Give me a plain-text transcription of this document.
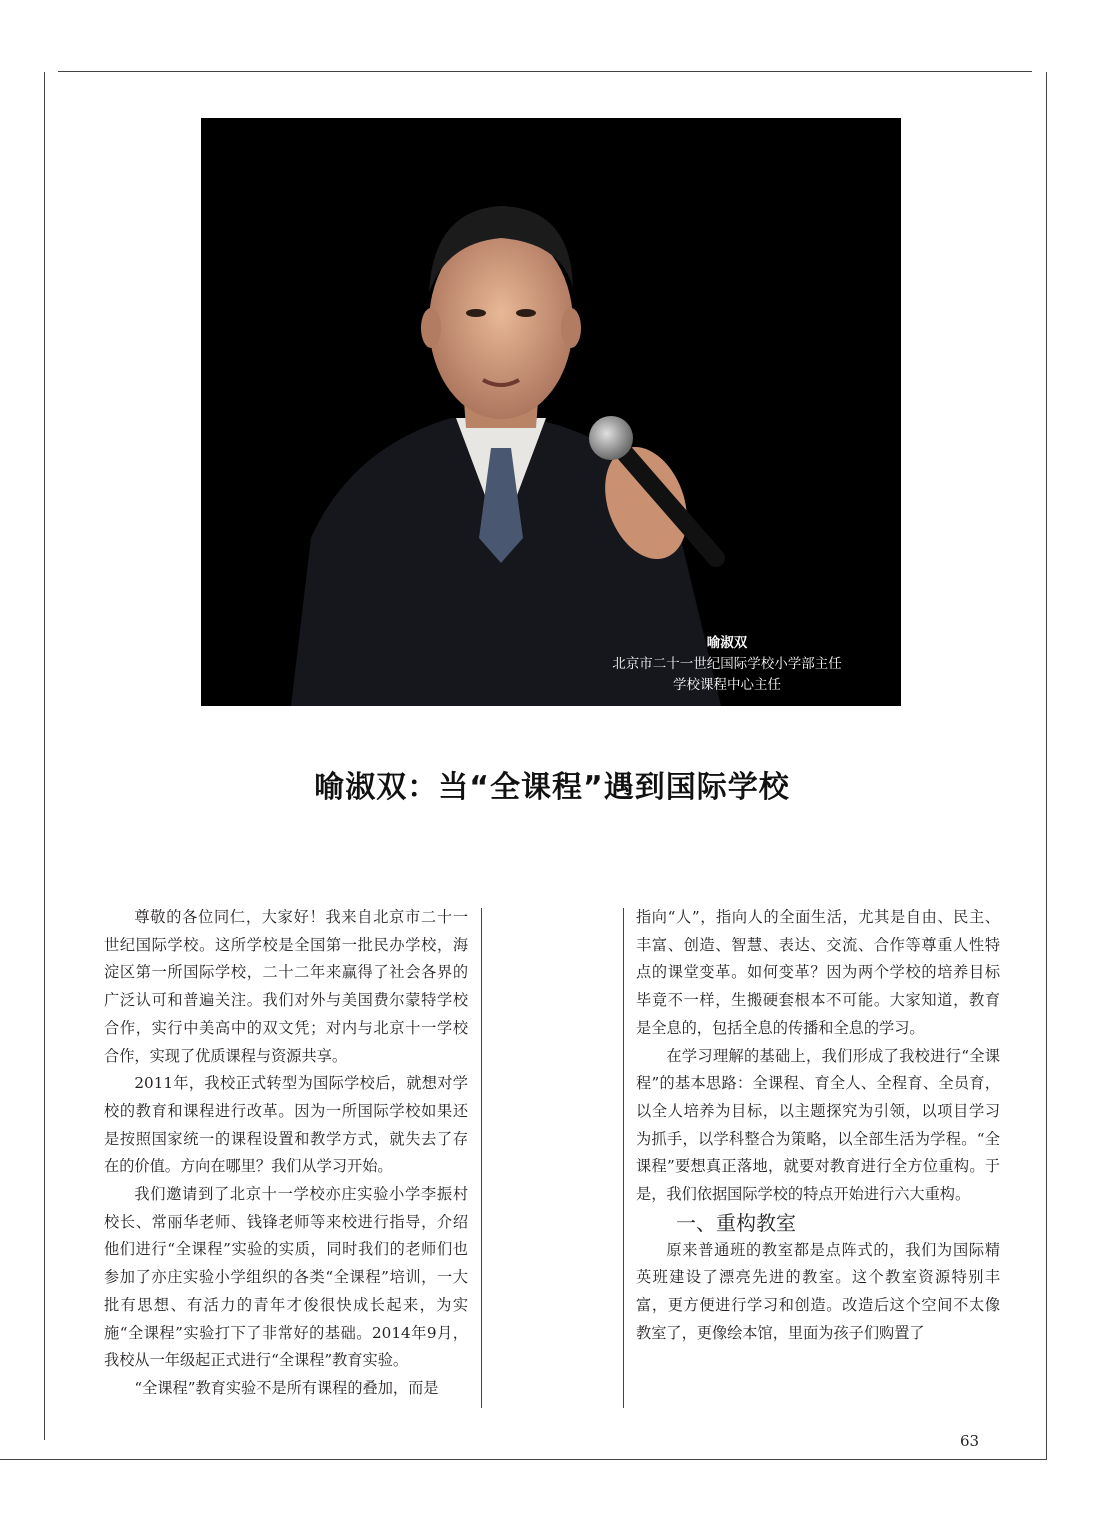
喻淑双
北京市二十一世纪国际学校小学部主任
学校课程中心主任
喻淑双：当“全课程”遇到国际学校

尊敬的各位同仁，大家好！我来自北京市二十一世纪国际学校。这所学校是全国第一批民办学校，海淀区第一所国际学校，二十二年来赢得了社会各界的广泛认可和普遍关注。我们对外与美国费尔蒙特学校合作，实行中美高中的双文凭；对内与北京十一学校合作，实现了优质课程与资源共享。

2011年，我校正式转型为国际学校后，就想对学校的教育和课程进行改革。因为一所国际学校如果还是按照国家统一的课程设置和教学方式，就失去了存在的价值。方向在哪里？我们从学习开始。

我们邀请到了北京十一学校亦庄实验小学李振村校长、常丽华老师、钱锋老师等来校进行指导，介绍他们进行“全课程”实验的实质，同时我们的老师们也参加了亦庄实验小学组织的各类“全课程”培训，一大批有思想、有活力的青年才俊很快成长起来，为实施“全课程”实验打下了非常好的基础。2014年9月，我校从一年级起正式进行“全课程”教育实验。

“全课程”教育实验不是所有课程的叠加，而是

指向“人”，指向人的全面生活，尤其是自由、民主、丰富、创造、智慧、表达、交流、合作等尊重人性特点的课堂变革。如何变革？因为两个学校的培养目标毕竟不一样，生搬硬套根本不可能。大家知道，教育是全息的，包括全息的传播和全息的学习。

在学习理解的基础上，我们形成了我校进行“全课程”的基本思路：全课程、育全人、全程育、全员育，以全人培养为目标，以主题探究为引领，以项目学习为抓手，以学科整合为策略，以全部生活为学程。“全课程”要想真正落地，就要对教育进行全方位重构。于是，我们依据国际学校的特点开始进行六大重构。

一、重构教室

原来普通班的教室都是点阵式的，我们为国际精英班建设了漂亮先进的教室。这个教室资源特别丰富，更方便进行学习和创造。改造后这个空间不太像教室了，更像绘本馆，里面为孩子们购置了

63
